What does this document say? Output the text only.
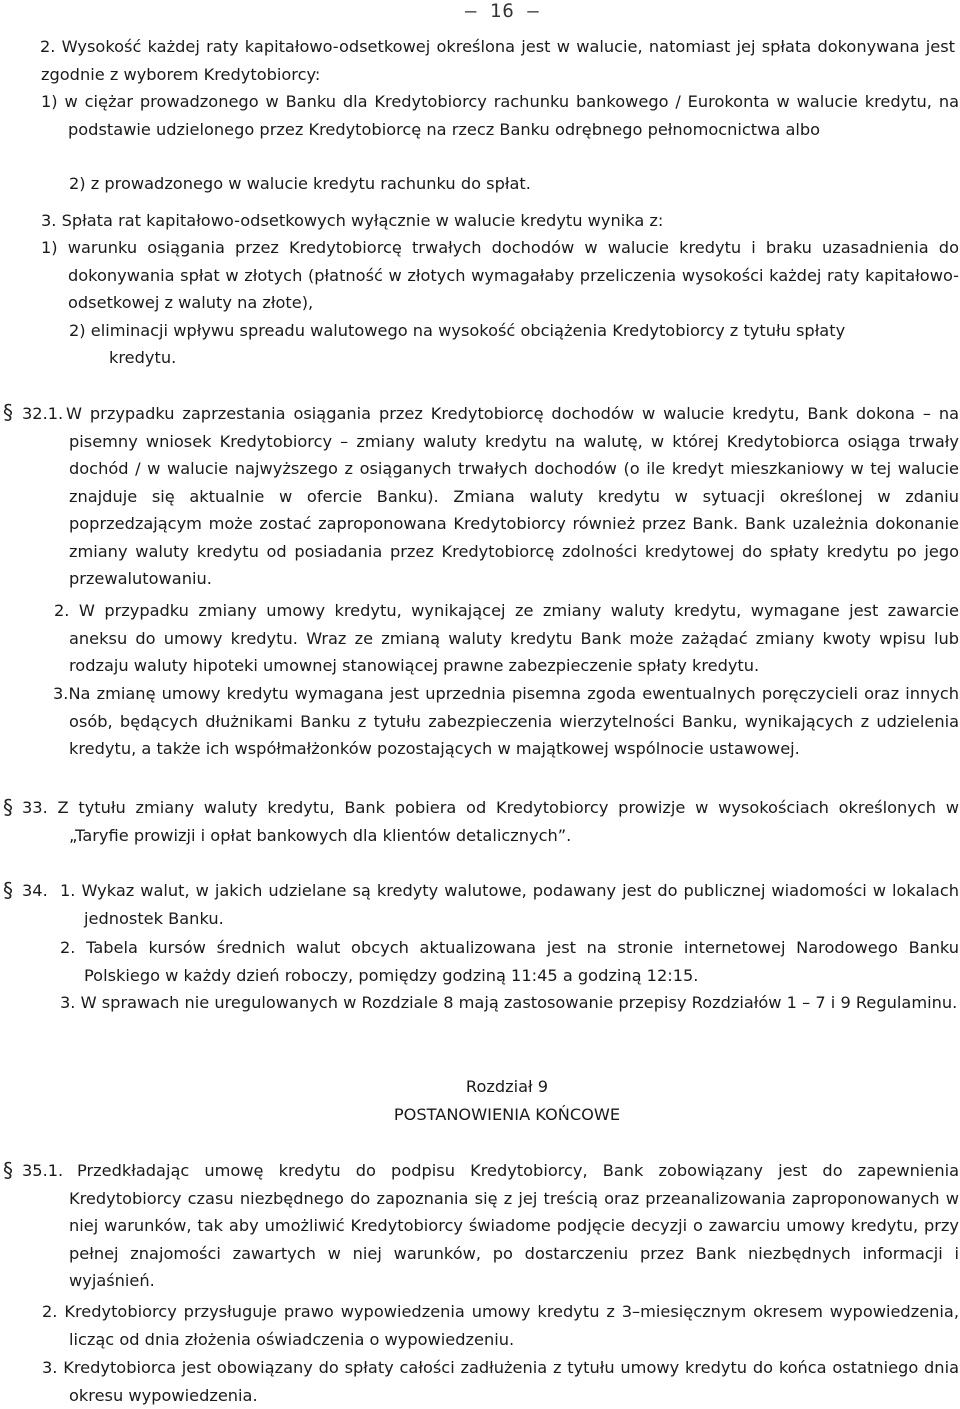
– 16 –

2. Wysokość każdej raty kapitałowo-odsetkowej określona jest w walucie, natomiast jej spłata dokonywana jest zgodnie z wyborem Kredytobiorcy:

1) w ciężar prowadzonego w Banku dla Kredytobiorcy rachunku bankowego / Eurokonta w walucie kredytu, na podstawie udzielonego przez Kredytobiorcę na rzecz Banku odrębnego pełnomocnictwa albo

2) z prowadzonego w walucie kredytu rachunku do spłat.

3. Spłata rat kapitałowo-odsetkowych wyłącznie w walucie kredytu wynika z:

1) warunku osiągania przez Kredytobiorcę trwałych dochodów w walucie kredytu i braku uzasadnienia do dokonywania spłat w złotych (płatność w złotych wymagałaby przeliczenia wysokości każdej raty kapitałowo-odsetkowej z waluty na złote),

2) eliminacji wpływu spreadu walutowego na wysokość obciążenia Kredytobiorcy z tytułu spłaty

kredytu.

§ 32.1. W przypadku zaprzestania osiągania przez Kredytobiorcę dochodów w walucie kredytu, Bank dokona – na pisemny wniosek Kredytobiorcy – zmiany waluty kredytu na walutę, w której Kredytobiorca osiąga trwały dochód / w walucie najwyższego z osiąganych trwałych dochodów (o ile kredyt mieszkaniowy w tej walucie znajduje się aktualnie w ofercie Banku). Zmiana waluty kredytu w sytuacji określonej w zdaniu poprzedzającym może zostać zaproponowana Kredytobiorcy również przez Bank. Bank uzależnia dokonanie zmiany waluty kredytu od posiadania przez Kredytobiorcę zdolności kredytowej do spłaty kredytu po jego przewalutowaniu.

2. W przypadku zmiany umowy kredytu, wynikającej ze zmiany waluty kredytu, wymagane jest zawarcie aneksu do umowy kredytu. Wraz ze zmianą waluty kredytu Bank może zażądać zmiany kwoty wpisu lub rodzaju waluty hipoteki umownej stanowiącej prawne zabezpieczenie spłaty kredytu.

3.Na zmianę umowy kredytu wymagana jest uprzednia pisemna zgoda ewentualnych poręczycieli oraz innych osób, będących dłużnikami Banku z tytułu zabezpieczenia wierzytelności Banku, wynikających z udzielenia kredytu, a także ich współmałżonków pozostających w majątkowej wspólnocie ustawowej.

§ 33. Z tytułu zmiany waluty kredytu, Bank pobiera od Kredytobiorcy prowizje w wysokościach określonych w „Taryfie prowizji i opłat bankowych dla klientów detalicznych”.

§ 34. 1. Wykaz walut, w jakich udzielane są kredyty walutowe, podawany jest do publicznej wiadomości w lokalach jednostek Banku.

2. Tabela kursów średnich walut obcych aktualizowana jest na stronie internetowej Narodowego Banku Polskiego w każdy dzień roboczy, pomiędzy godziną 11:45 a godziną 12:15.

3. W sprawach nie uregulowanych w Rozdziale 8 mają zastosowanie przepisy Rozdziałów 1 – 7 i 9 Regulaminu.

Rozdział 9
POSTANOWIENIA KOŃCOWE
§ 35.1. Przedkładając umowę kredytu do podpisu Kredytobiorcy, Bank zobowiązany jest do zapewnienia Kredytobiorcy czasu niezbędnego do zapoznania się z jej treścią oraz przeanalizowania zaproponowanych w niej warunków, tak aby umożliwić Kredytobiorcy świadome podjęcie decyzji o zawarciu umowy kredytu, przy pełnej znajomości zawartych w niej warunków, po dostarczeniu przez Bank niezbędnych informacji i wyjaśnień.

2. Kredytobiorcy przysługuje prawo wypowiedzenia umowy kredytu z 3–miesięcznym okresem wypowiedzenia, licząc od dnia złożenia oświadczenia o wypowiedzeniu.

3. Kredytobiorca jest obowiązany do spłaty całości zadłużenia z tytułu umowy kredytu do końca ostatniego dnia okresu wypowiedzenia.
